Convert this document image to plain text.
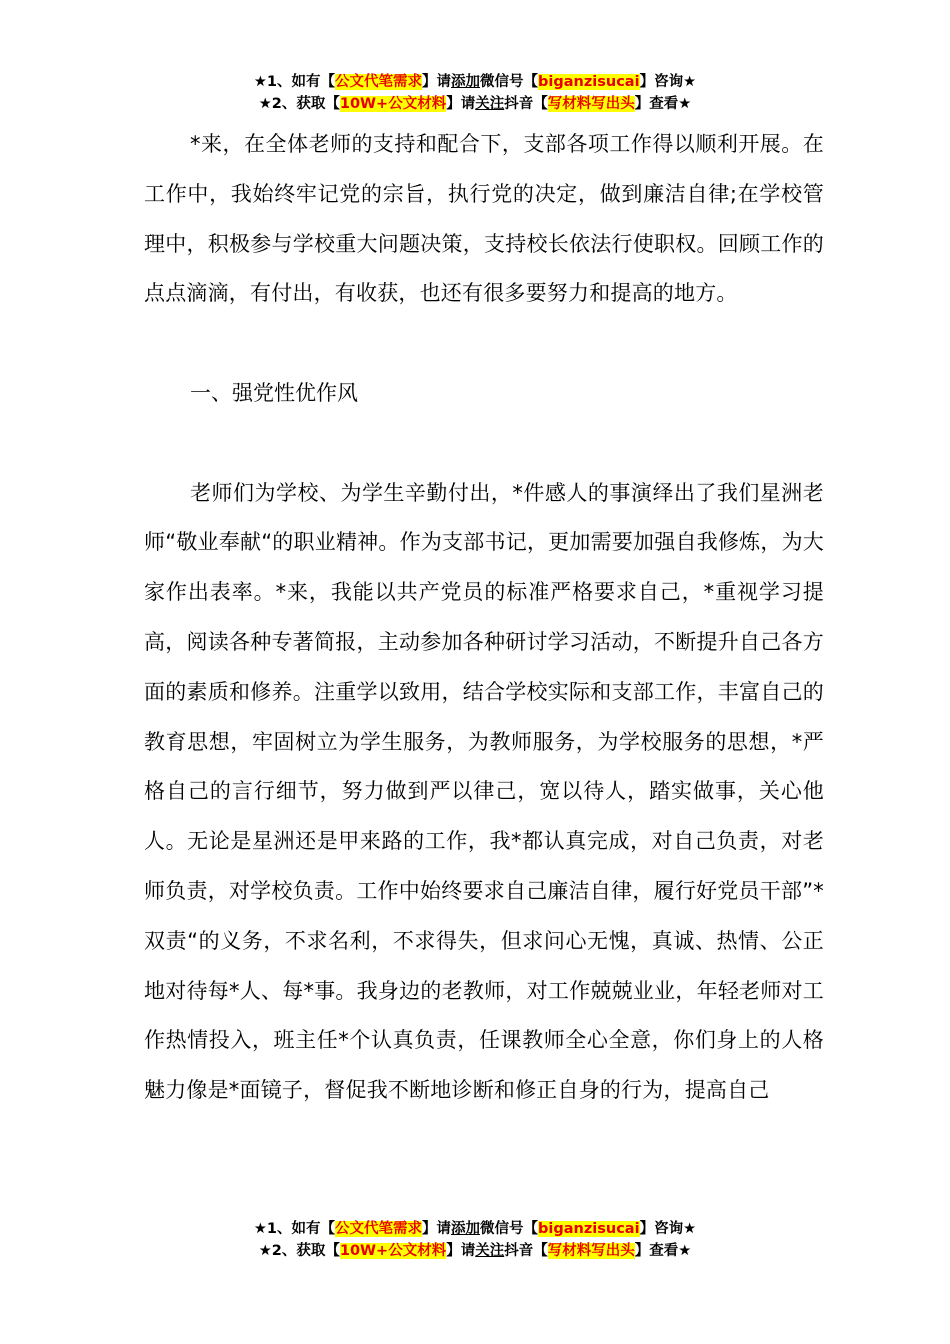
★1、如有【公文代笔需求】请添加微信号【biganzisucai】咨询★
★2、获取【10W+公文材料】请关注抖音【写材料写出头】查看★

*来，在全体老师的支持和配合下，支部各项工作得以顺利开展。在工作中，我始终牢记党的宗旨，执行党的决定，做到廉洁自律;在学校管理中，积极参与学校重大问题决策，支持校长依法行使职权。回顾工作的点点滴滴，有付出，有收获，也还有很多要努力和提高的地方。

一、强党性优作风

老师们为学校、为学生辛勤付出，*件感人的事演绎出了我们星洲老师“敬业奉献“的职业精神。作为支部书记，更加需要加强自我修炼，为大家作出表率。*来，我能以共产党员的标准严格要求自己，*重视学习提高，阅读各种专著简报，主动参加各种研讨学习活动，不断提升自己各方面的素质和修养。注重学以致用，结合学校实际和支部工作，丰富自己的教育思想，牢固树立为学生服务，为教师服务，为学校服务的思想，*严格自己的言行细节，努力做到严以律己，宽以待人，踏实做事，关心他人。无论是星洲还是甲来路的工作，我*都认真完成，对自己负责，对老师负责，对学校负责。工作中始终要求自己廉洁自律，履行好党员干部”*双责“的义务，不求名利，不求得失，但求问心无愧，真诚、热情、公正地对待每*人、每*事。我身边的老教师，对工作兢兢业业，年轻老师对工作热情投入，班主任*个认真负责，任课教师全心全意，你们身上的人格魅力像是*面镜子，督促我不断地诊断和修正自身的行为，提高自己

★1、如有【公文代笔需求】请添加微信号【biganzisucai】咨询★
★2、获取【10W+公文材料】请关注抖音【写材料写出头】查看★
